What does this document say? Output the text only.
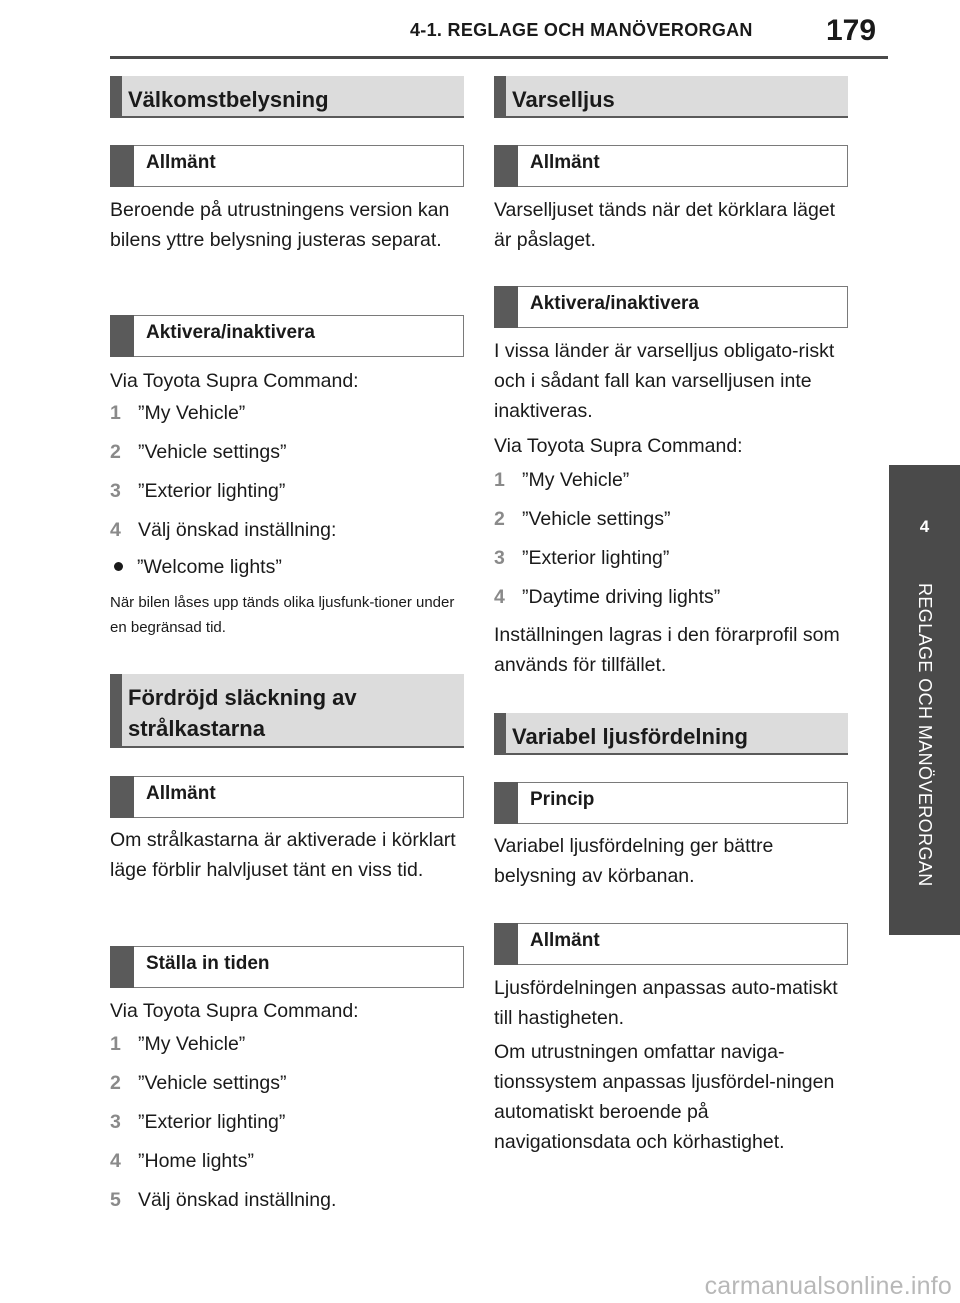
4-1. REGLAGE OCH MANÖVERORGAN 179
4
REGLAGE OCH MANÖVERORGAN
Välkomstbelysning
Allmänt

Beroende på utrustningens version kan bilens yttre belysning justeras separat.

Aktivera/inaktivera

Via Toyota Supra Command:

1 ”My Vehicle”
2 ”Vehicle settings”
3 ”Exterior lighting”
4 Välj önskad inställning:
”Welcome lights”

När bilen låses upp tänds olika ljusfunk-tioner under en begränsad tid.

Fördröjd släckning av
strålkastarna
Allmänt

Om strålkastarna är aktiverade i körklart läge förblir halvljuset tänt en viss tid.

Ställa in tiden

Via Toyota Supra Command:

1 ”My Vehicle”
2 ”Vehicle settings”
3 ”Exterior lighting”
4 ”Home lights”
5 Välj önskad inställning.
Varselljus
Allmänt

Varselljuset tänds när det körklara läget är påslaget.

Aktivera/inaktivera

I vissa länder är varselljus obligato-riskt och i sådant fall kan varselljusen inte inaktiveras.

Via Toyota Supra Command:

1 ”My Vehicle”
2 ”Vehicle settings”
3 ”Exterior lighting”
4 ”Daytime driving lights”

Inställningen lagras i den förarprofil som används för tillfället.

Variabel ljusfördelning
Princip

Variabel ljusfördelning ger bättre belysning av körbanan.

Allmänt

Ljusfördelningen anpassas auto-matiskt till hastigheten.

Om utrustningen omfattar naviga-tionssystem anpassas ljusfördel-ningen automatiskt beroende på navigationsdata och körhastighet.

carmanualsonline.info
